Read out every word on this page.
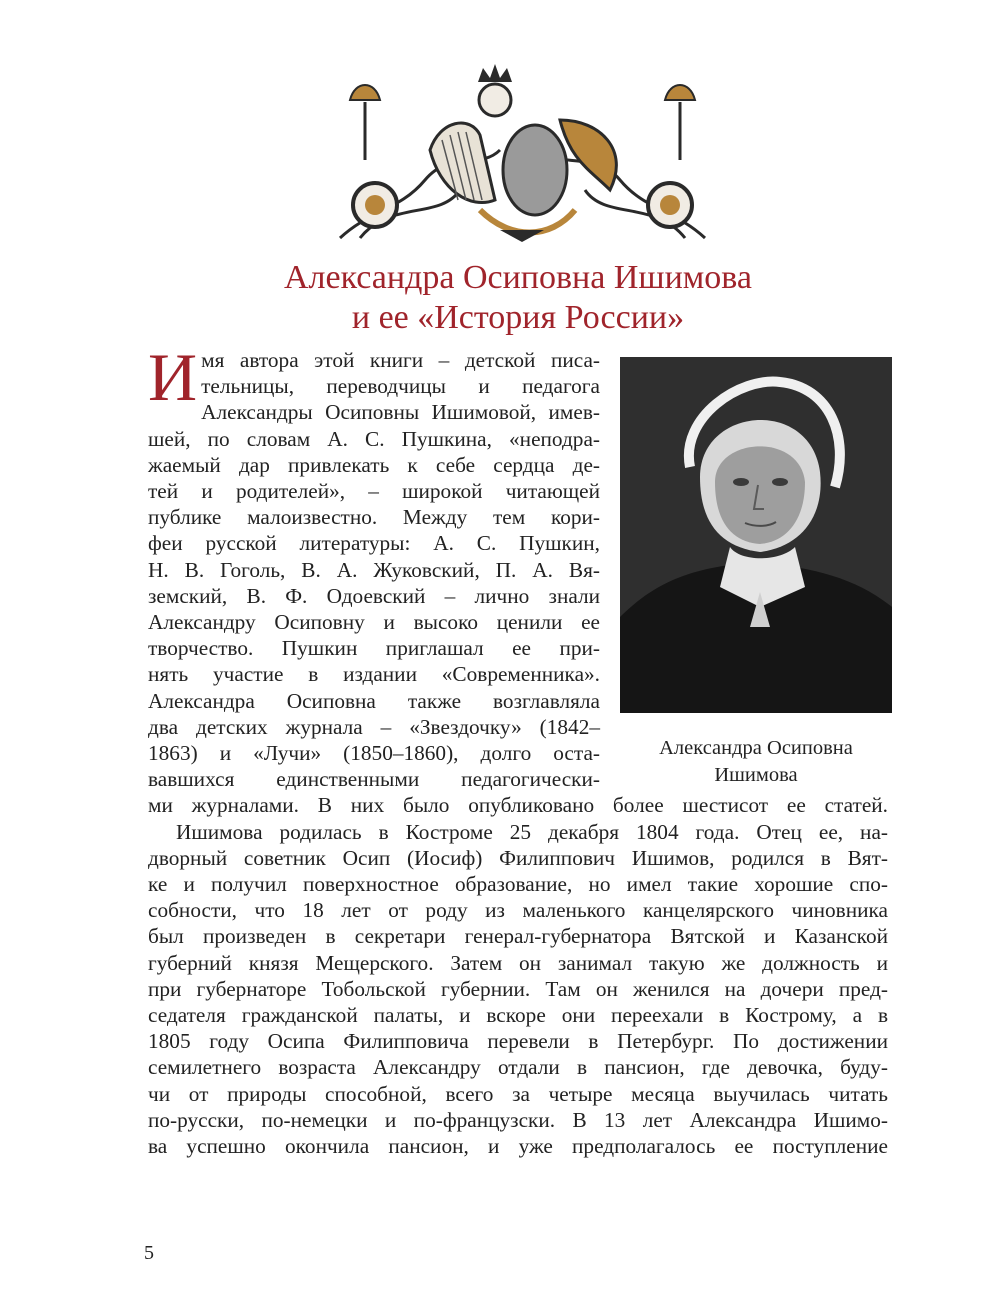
Александра Осиповна Ишимова
и ее «История России»
Александра Осиповна
Ишимова
И мя автора этой книги – детской писа-
тельницы, переводчицы и педагога
Александры Осиповны Ишимовой, имев-
шей, по словам А. С. Пушкина, «неподра-
жаемый дар привлекать к себе сердца де-
тей и родителей», – широкой читающей
публике малоизвестно. Между тем кори-
феи русской литературы: А. С. Пушкин,
Н. В. Гоголь, В. А. Жуковский, П. А. Вя-
земский, В. Ф. Одоевский – лично знали
Александру Осиповну и высоко ценили ее
творчество. Пушкин приглашал ее при-
нять участие в издании «Современника».
Александра Осиповна также возглавляла
два детских журнала – «Звездочку» (1842–
1863) и «Лучи» (1850–1860), долго оста-
вавшихся единственными педагогически-
ми журналами. В них было опубликовано более шестисот ее статей.
Ишимова родилась в Костроме 25 декабря 1804 года. Отец ее, на-
дворный советник Осип (Иосиф) Филиппович Ишимов, родился в Вят-
ке и получил поверхностное образование, но имел такие хорошие спо-
собности, что 18 лет от роду из маленького канцелярского чиновника
был произведен в секретари генерал-губернатора Вятской и Казанской
губерний князя Мещерского. Затем он занимал такую же должность и
при губернаторе Тобольской губернии. Там он женился на дочери пред-
седателя гражданской палаты, и вскоре они переехали в Кострому, а в
1805 году Осипа Филипповича перевели в Петербург. По достижении
семилетнего возраста Александру отдали в пансион, где девочка, буду-
чи от природы способной, всего за четыре месяца выучилась читать
по-русски, по-немецки и по-французски. В 13 лет Александра Ишимо-
ва успешно окончила пансион, и уже предполагалось ее поступление
5
